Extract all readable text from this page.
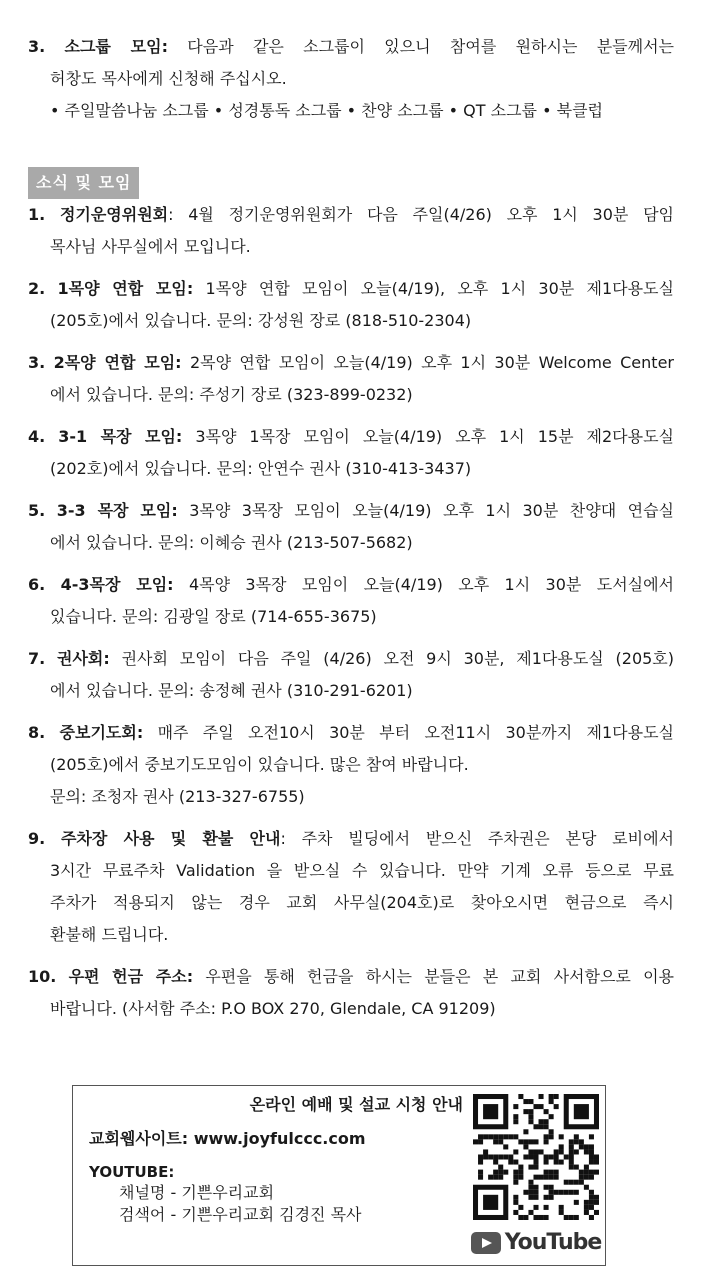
3. 소그룹 모임: 다음과 같은 소그룹이 있으니 참여를 원하시는 분들께서는
허창도 목사에게 신청해 주십시오.
• 주일말씀나눔 소그룹 • 성경통독 소그룹 • 찬양 소그룹 • QT 소그룹 • 북클럽
소식 및 모임
1. 정기운영위원회: 4월 정기운영위원회가 다음 주일(4/26) 오후 1시 30분 담임
목사님 사무실에서 모입니다.
2. 1목양 연합 모임: 1목양 연합 모임이 오늘(4/19), 오후 1시 30분 제1다용도실
(205호)에서 있습니다. 문의: 강성원 장로 (818-510-2304)
3. 2목양 연합 모임: 2목양 연합 모임이 오늘(4/19) 오후 1시 30분 Welcome Center
에서 있습니다. 문의: 주성기 장로 (323-899-0232)
4. 3-1 목장 모임: 3목양 1목장 모임이 오늘(4/19) 오후 1시 15분 제2다용도실
(202호)에서 있습니다. 문의: 안연수 권사 (310-413-3437)
5. 3-3 목장 모임: 3목양 3목장 모임이 오늘(4/19) 오후 1시 30분 찬양대 연습실
에서 있습니다. 문의: 이혜승 권사 (213-507-5682)
6. 4-3목장 모임: 4목양 3목장 모임이 오늘(4/19) 오후 1시 30분 도서실에서
있습니다. 문의: 김광일 장로 (714-655-3675)
7. 권사회: 권사회 모임이 다음 주일 (4/26) 오전 9시 30분, 제1다용도실 (205호)
에서 있습니다. 문의: 송정혜 권사 (310-291-6201)
8. 중보기도회: 매주 주일 오전10시 30분 부터 오전11시 30분까지 제1다용도실
(205호)에서 중보기도모임이 있습니다. 많은 참여 바랍니다.
문의: 조청자 권사 (213-327-6755)
9. 주차장 사용 및 환불 안내: 주차 빌딩에서 받으신 주차권은 본당 로비에서
3시간 무료주차 Validation 을 받으실 수 있습니다. 만약 기계 오류 등으로 무료
주차가 적용되지 않는 경우 교회 사무실(204호)로 찾아오시면 현금으로 즉시
환불해 드립니다.
10. 우편 헌금 주소: 우편을 통해 헌금을 하시는 분들은 본 교회 사서함으로 이용
바랍니다. (사서함 주소: P.O BOX 270, Glendale, CA 91209)
온라인 예배 및 설교 시청 안내
교회웹사이트: www.joyfulccc.com
YOUTUBE:
채널명 - 기쁜우리교회
검색어 - 기쁜우리교회 김경진 목사
YouTube
